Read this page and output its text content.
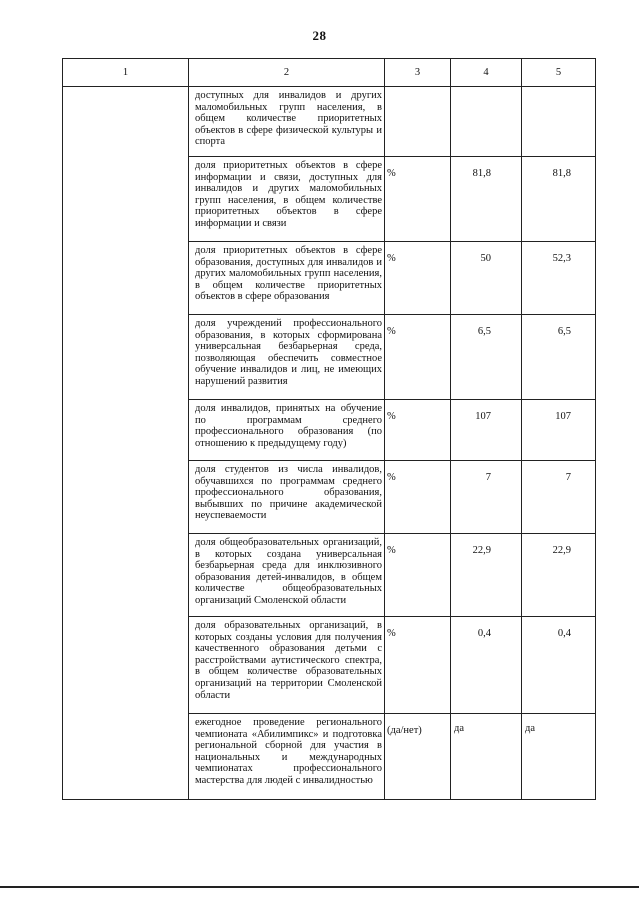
28
1	2	3	4	5
	доступных для инвалидов и других маломобильных групп населения, в общем количестве приоритетных объектов в сфере физической культуры и спорта			
	доля приоритетных объектов в сфере информации и связи, доступных для инвалидов и других маломобильных групп населения, в общем количестве приоритетных объектов в сфере информации и связи	%	81,8	81,8
	доля приоритетных объектов в сфере образования, доступных для инвалидов и других маломобильных групп населения, в общем количестве приоритетных объектов в сфере образования	%	50	52,3
	доля учреждений профессионального образования, в которых сформирована универсальная безбарьерная среда, позволяющая обеспечить совместное обучение инвалидов и лиц, не имеющих нарушений развития	%	6,5	6,5
	доля инвалидов, принятых на обучение по программам среднего профессионального образования (по отношению к предыдущему году)	%	107	107
	доля студентов из числа инвалидов, обучавшихся по программам среднего профессионального образования, выбывших по причине академической неуспеваемости	%	7	7
	доля общеобразовательных организаций, в которых создана универсальная безбарьерная среда для инклюзивного образования детей-инвалидов, в общем количестве общеобразовательных организаций Смоленской области	%	22,9	22,9
	доля образовательных организаций, в которых созданы условия для получения качественного образования детьми с расстройствами аутистического спектра, в общем количестве образовательных организаций на территории Смоленской области	%	0,4	0,4
	ежегодное проведение регионального чемпионата «Абилимпикс» и подготовка региональной сборной для участия в национальных и международных чемпионатах профессионального мастерства для людей с инвалидностью	(да/нет)	да	да
